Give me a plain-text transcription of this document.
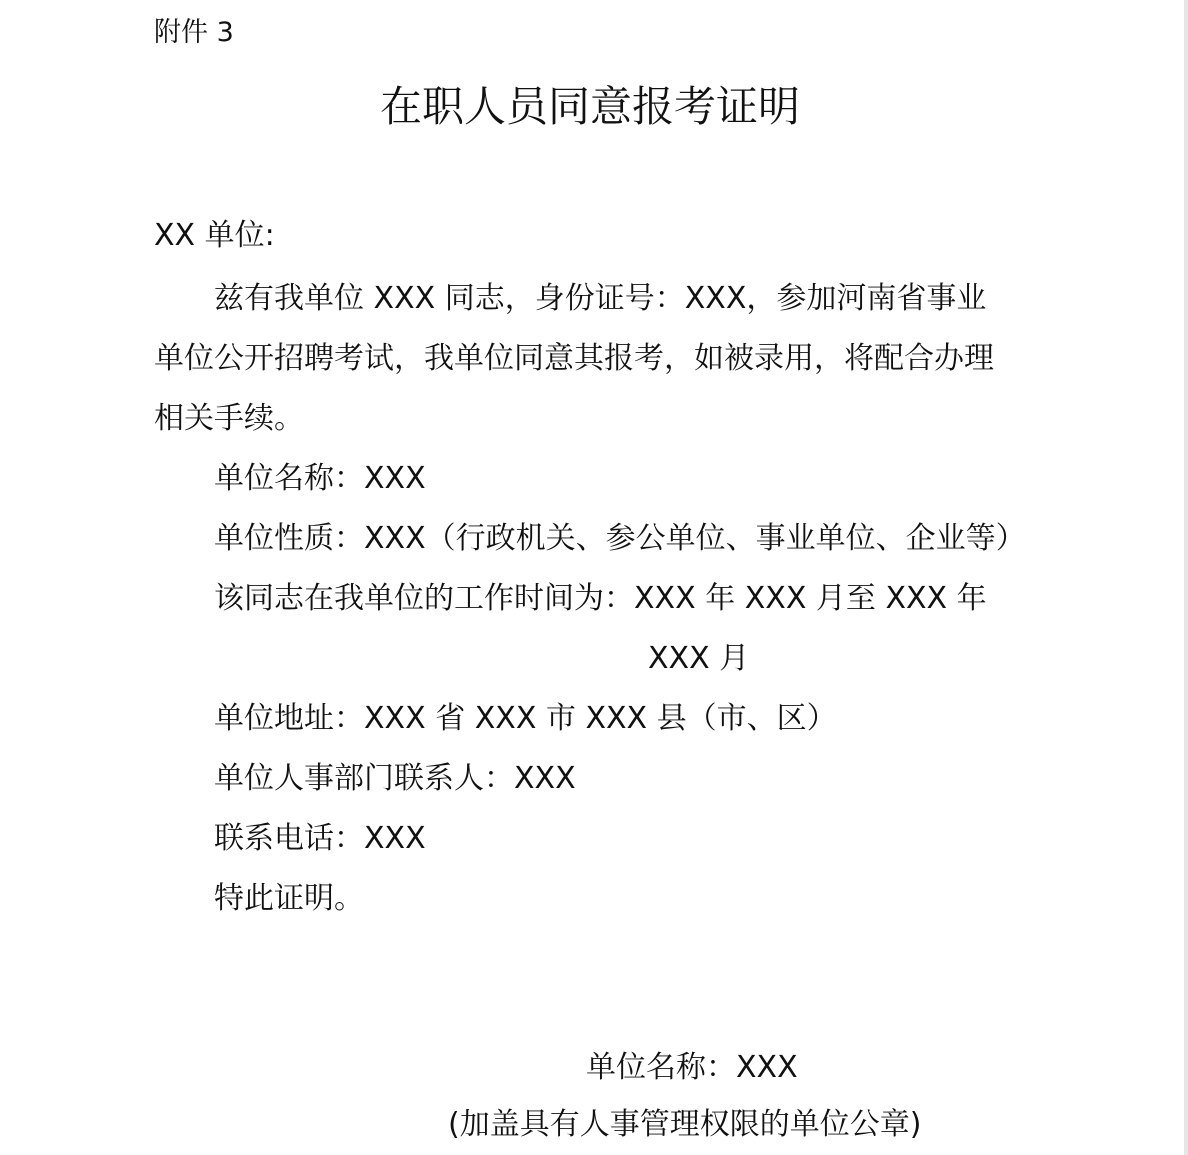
附件 3
在职人员同意报考证明
XX 单位:
兹有我单位 XXX 同志，身份证号：XXX，参加河南省事业
单位公开招聘考试，我单位同意其报考，如被录用，将配合办理
相关手续。
单位名称：XXX
单位性质：XXX（行政机关、参公单位、事业单位、企业等）
该同志在我单位的工作时间为：XXX 年 XXX 月至 XXX 年
XXX 月
单位地址：XXX 省 XXX 市 XXX 县（市、区）
单位人事部门联系人：XXX
联系电话：XXX
特此证明。
单位名称：XXX
(加盖具有人事管理权限的单位公章)
